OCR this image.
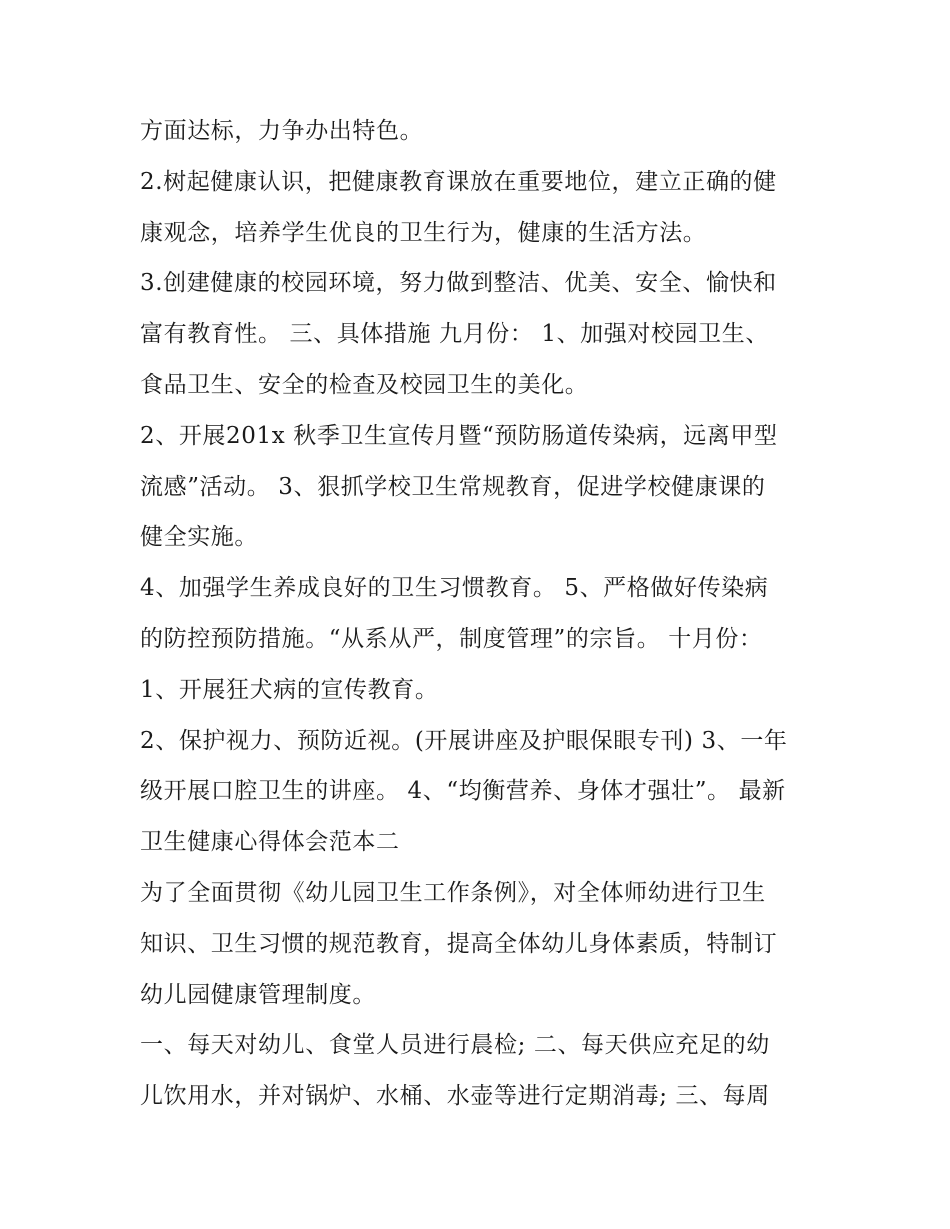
方面达标，力争办出特色。
2.树起健康认识，把健康教育课放在重要地位，建立正确的健
康观念，培养学生优良的卫生行为，健康的生活方法。
3.创建健康的校园环境，努力做到整洁、优美、安全、愉快和
富有教育性。 三、具体措施 九月份： 1、加强对校园卫生、
食品卫生、安全的检查及校园卫生的美化。
2、开展201x 秋季卫生宣传月暨“预防肠道传染病，远离甲型
流感”活动。 3、狠抓学校卫生常规教育，促进学校健康课的
健全实施。
4、加强学生养成良好的卫生习惯教育。 5、严格做好传染病
的防控预防措施。“从系从严，制度管理”的宗旨。 十月份：
1、开展狂犬病的宣传教育。
2、保护视力、预防近视。(开展讲座及护眼保眼专刊) 3、一年
级开展口腔卫生的讲座。 4、“均衡营养、身体才强壮”。 最新
卫生健康心得体会范本二
为了全面贯彻《幼儿园卫生工作条例》，对全体师幼进行卫生
知识、卫生习惯的规范教育，提高全体幼儿身体素质，特制订
幼儿园健康管理制度。
一、每天对幼儿、食堂人员进行晨检; 二、每天供应充足的幼
儿饮用水，并对锅炉、水桶、水壶等进行定期消毒; 三、每周
